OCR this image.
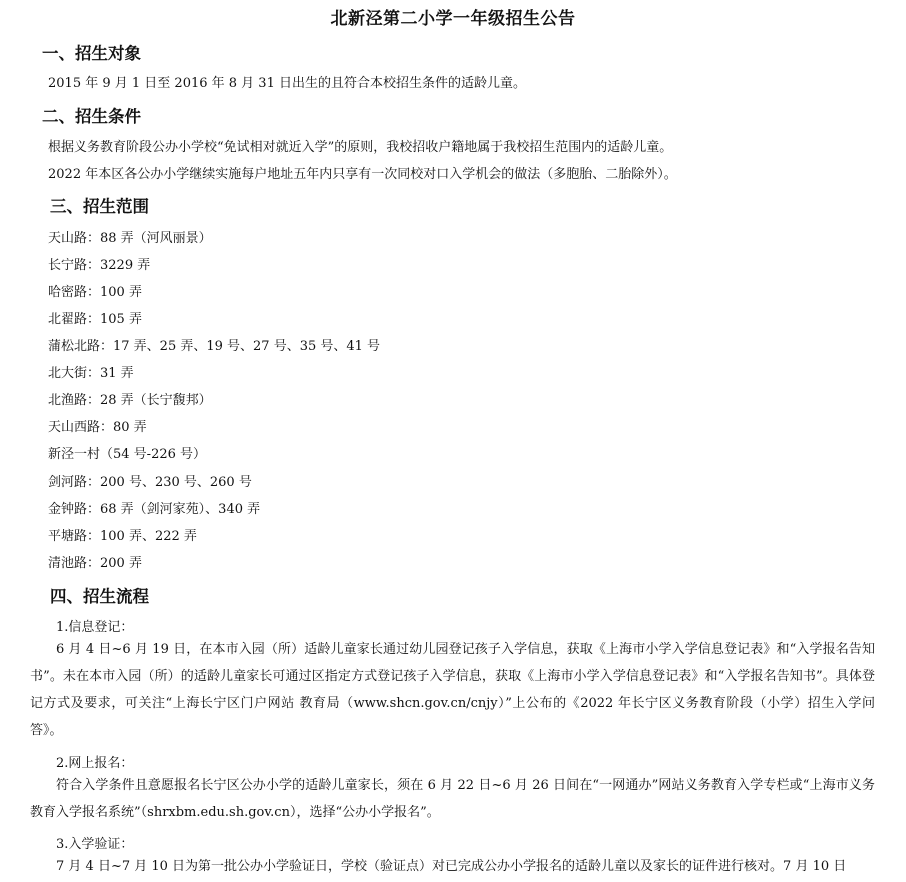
北新泾第二小学一年级招生公告
一、招生对象
2015 年 9 月 1 日至 2016 年 8 月 31 日出生的且符合本校招生条件的适龄儿童。
二、招生条件
根据义务教育阶段公办小学校“免试相对就近入学”的原则，我校招收户籍地属于我校招生范围内的适龄儿童。
2022 年本区各公办小学继续实施每户地址五年内只享有一次同校对口入学机会的做法（多胞胎、二胎除外）。
三、招生范围
天山路：88 弄（河风丽景）
长宁路：3229 弄
哈密路：100 弄
北翟路：105 弄
蒲松北路：17 弄、25 弄、19 号、27 号、35 号、41 号
北大街：31 弄
北渔路：28 弄（长宁馥邦）
天山西路：80 弄
新泾一村（54 号-226 号）
剑河路：200 号、230 号、260 号
金钟路：68 弄（剑河家苑）、340 弄
平塘路：100 弄、222 弄
清池路：200 弄
四、招生流程
1.信息登记：
6 月 4 日~6 月 19 日，在本市入园（所）适龄儿童家长通过幼儿园登记孩子入学信息，获取《上海市小学入学信息登记表》和“入学报名告知书”。未在本市入园（所）的适龄儿童家长可通过区指定方式登记孩子入学信息，获取《上海市小学入学信息登记表》和“入学报名告知书”。具体登记方式及要求，可关注“上海长宁区门户网站 教育局（www.shcn.gov.cn/cnjy）”上公布的《2022 年长宁区义务教育阶段（小学）招生入学问答》。
2.网上报名：
符合入学条件且意愿报名长宁区公办小学的适龄儿童家长，须在 6 月 22 日~6 月 26 日间在“一网通办”网站义务教育入学专栏或“上海市义务教育入学报名系统”（shrxbm.edu.sh.gov.cn），选择“公办小学报名”。
3.入学验证：
7 月 4 日~7 月 10 日为第一批公办小学验证日，学校（验证点）对已完成公办小学报名的适龄儿童以及家长的证件进行核对。7 月 10 日
